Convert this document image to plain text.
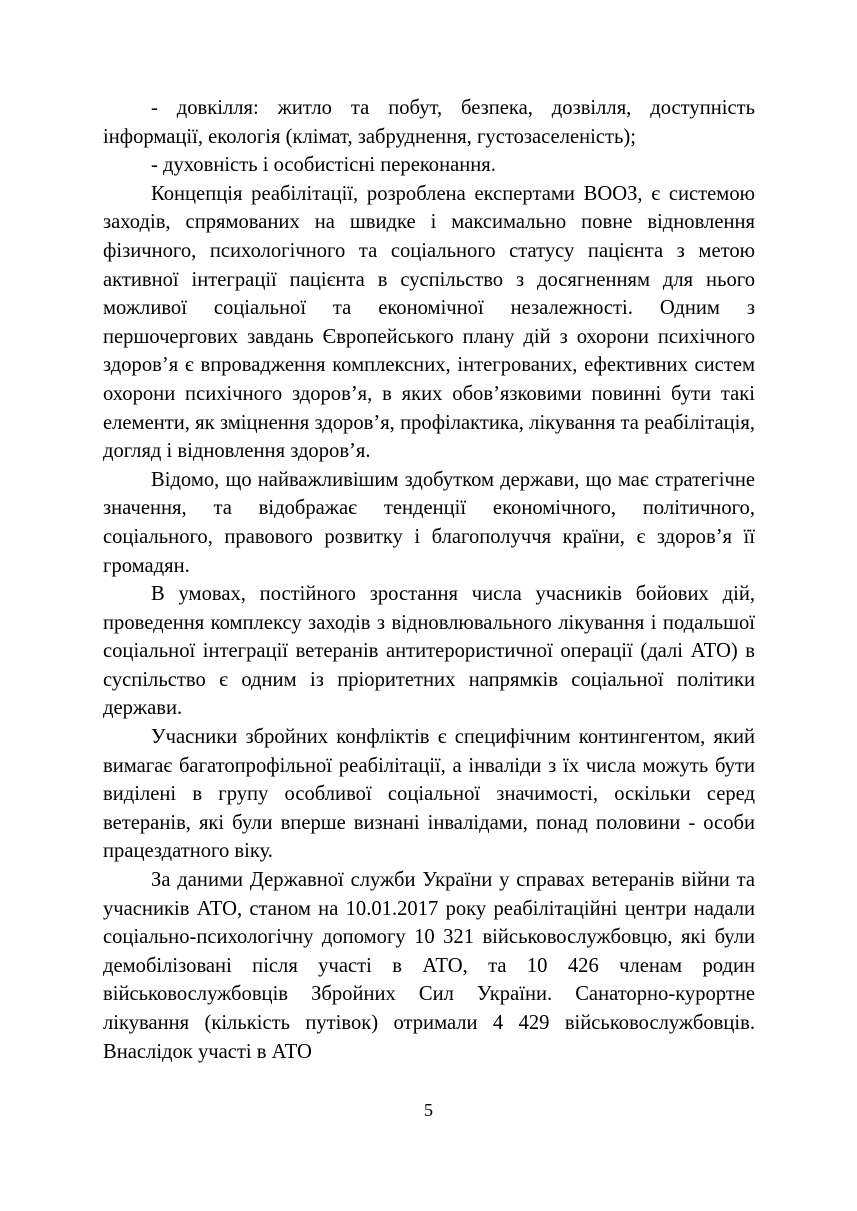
- довкілля: житло та побут, безпека, дозвілля, доступність інформації, екологія (клімат, забруднення, густозаселеність);

- духовність і особистісні переконання.

Концепція реабілітації, розроблена експертами ВООЗ, є системою заходів, спрямованих на швидке і максимально повне відновлення фізичного, психологічного та соціального статусу пацієнта з метою активної інтеграції пацієнта в суспільство з досягненням для нього можливої соціальної та економічної незалежності. Одним з першочергових завдань Європейського плану дій з охорони психічного здоров’я є впровадження комплексних, інтегрованих, ефективних систем охорони психічного здоров’я, в яких обов’язковими повинні бути такі елементи, як зміцнення здоров’я, профілактика, лікування та реабілітація, догляд і відновлення здоров’я.

Відомо, що найважливішим здобутком держави, що має стратегічне значення, та відображає тенденції економічного, політичного, соціального, правового розвитку і благополуччя країни, є здоров’я її громадян.

В умовах, постійного зростання числа учасників бойових дій, проведення комплексу заходів з відновлювального лікування і подальшої соціальної інтеграції ветеранів антитерористичної операції (далі АТО) в суспільство є одним із пріоритетних напрямків соціальної політики держави.

Учасники збройних конфліктів є специфічним контингентом, який вимагає багатопрофільної реабілітації, а інваліди з їх числа можуть бути виділені в групу особливої соціальної значимості, оскільки серед ветеранів, які були вперше визнані інвалідами, понад половини - особи працездатного віку.

За даними Державної служби України у справах ветеранів війни та учасників АТО, станом на 10.01.2017 року реабілітаційні центри надали соціально-психологічну допомогу 10 321 військовослужбовцю, які були демобілізовані після участі в АТО, та 10 426 членам родин військовослужбовців Збройних Сил України. Санаторно-курортне лікування (кількість путівок) отримали 4 429 військовослужбовців. Внаслідок участі в АТО

5
